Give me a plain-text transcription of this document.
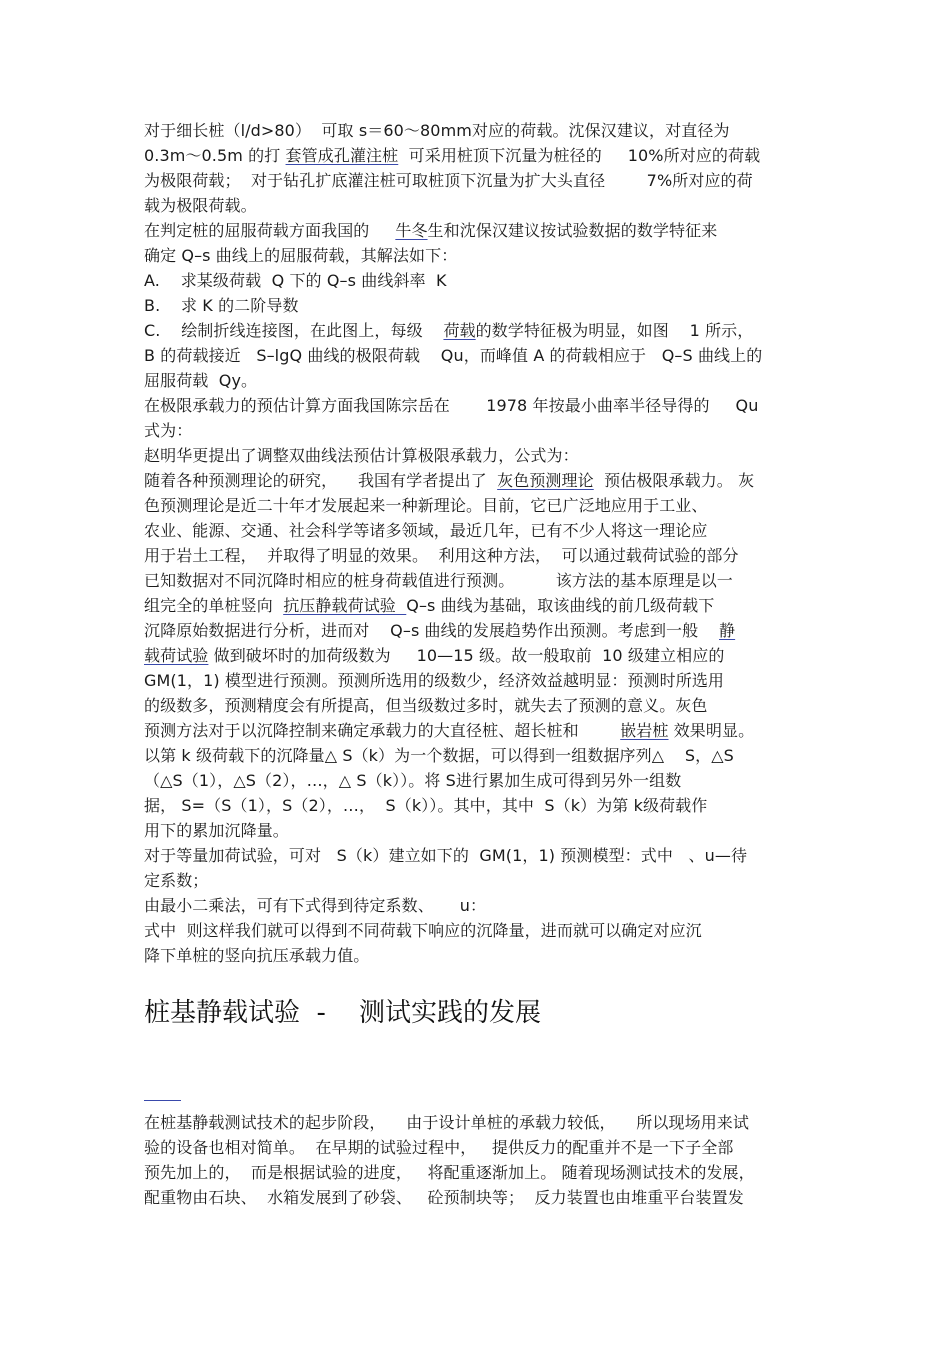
对于细长桩（l/d>80）  可取 s＝60～80mm对应的荷载。沈保汉建议，对直径为
0.3m～0.5m 的打 套管成孔灌注桩  可采用桩顶下沉量为桩径的     10%所对应的荷载
为极限荷载；  对于钻孔扩底灌注桩可取桩顶下沉量为扩大头直径        7%所对应的荷
载为极限荷载。
在判定桩的屈服荷载方面我国的     牛冬生和沈保汉建议按试验数据的数学特征来
确定 Q–s 曲线上的屈服荷载，其解法如下：
A.    求某级荷载  Q 下的 Q–s 曲线斜率  K
B.    求 K 的二阶导数
C.    绘制折线连接图，在此图上，每级    荷载的数学特征极为明显，如图    1 所示，
B 的荷载接近   S–lgQ 曲线的极限荷载    Qu，而峰值 A 的荷载相应于   Q–S 曲线上的
屈服荷载  Qy。
在极限承载力的预估计算方面我国陈宗岳在       1978 年按最小曲率半径导得的     Qu
式为：
赵明华更提出了调整双曲线法预估计算极限承载力，公式为：
随着各种预测理论的研究，    我国有学者提出了  灰色预测理论  预估极限承载力。 灰
色预测理论是近二十年才发展起来一种新理论。目前，它已广泛地应用于工业、
农业、能源、交通、社会科学等诸多领域，最近几年，已有不少人将这一理论应
用于岩土工程，  并取得了明显的效果。  利用这种方法，  可以通过载荷试验的部分
已知数据对不同沉降时相应的桩身荷载值进行预测。        该方法的基本原理是以一
组完全的单桩竖向  抗压静载荷试验  Q–s 曲线为基础，取该曲线的前几级荷载下
沉降原始数据进行分析，进而对    Q–s 曲线的发展趋势作出预测。考虑到一般    静
载荷试验 做到破坏时的加荷级数为     10—15 级。故一般取前  10 级建立相应的
GM(1，1) 模型进行预测。预测所选用的级数少，经济效益越明显：预测时所选用
的级数多，预测精度会有所提高，但当级数过多时，就失去了预测的意义。灰色
预测方法对于以沉降控制来确定承载力的大直径桩、超长桩和        嵌岩桩 效果明显。
以第 k 级荷载下的沉降量△ S（k）为一个数据，可以得到一组数据序列△    S，△S
（△S（1），△S（2），…，△ S（k））。将 S进行累加生成可得到另外一组数
据， S=（S（1），S（2），…，  S（k））。其中，其中  S（k）为第 k级荷载作
用下的累加沉降量。
对于等量加荷试验，可对   S（k）建立如下的  GM(1，1) 预测模型：式中   、u—待
定系数；
由最小二乘法，可有下式得到待定系数、     u：
式中  则这样我们就可以得到不同荷载下响应的沉降量，进而就可以确定对应沉
降下单桩的竖向抗压承载力值。
桩基静载试验  -    测试实践的发展
在桩基静载测试技术的起步阶段，    由于设计单桩的承载力较低，    所以现场用来试
验的设备也相对简单。  在早期的试验过程中，   提供反力的配重并不是一下子全部
预先加上的，  而是根据试验的进度，   将配重逐渐加上。 随着现场测试技术的发展，
配重物由石块、  水箱发展到了砂袋、   砼预制块等；  反力装置也由堆重平台装置发
